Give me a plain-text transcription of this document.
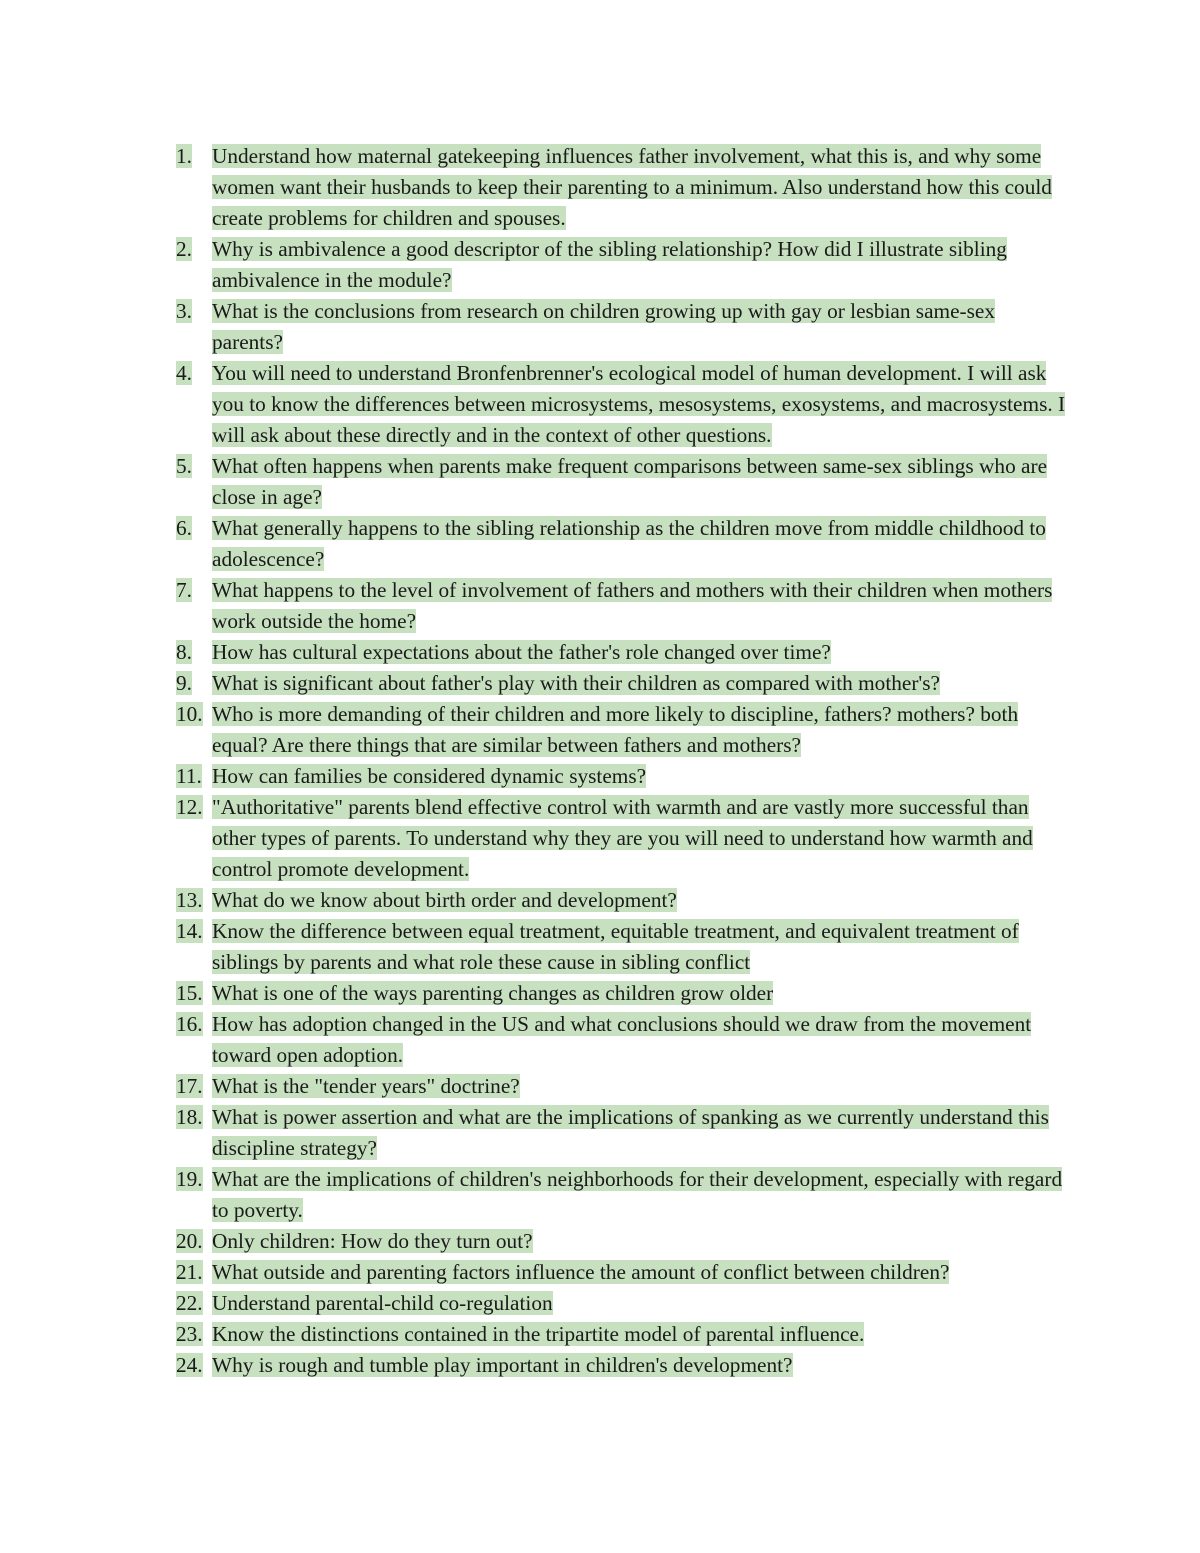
1. Understand how maternal gatekeeping influences father involvement, what this is, and why some women want their husbands to keep their parenting to a minimum. Also understand how this could create problems for children and spouses.
2. Why is ambivalence a good descriptor of the sibling relationship? How did I illustrate sibling ambivalence in the module?
3. What is the conclusions from research on children growing up with gay or lesbian same-sex parents?
4. You will need to understand Bronfenbrenner's ecological model of human development. I will ask you to know the differences between microsystems, mesosystems, exosystems, and macrosystems. I will ask about these directly and in the context of other questions.
5. What often happens when parents make frequent comparisons between same-sex siblings who are close in age?
6. What generally happens to the sibling relationship as the children move from middle childhood to adolescence?
7. What happens to the level of involvement of fathers and mothers with their children when mothers work outside the home?
8. How has cultural expectations about the father's role changed over time?
9. What is significant about father's play with their children as compared with mother's?
10. Who is more demanding of their children and more likely to discipline, fathers? mothers? both equal? Are there things that are similar between fathers and mothers?
11. How can families be considered dynamic systems?
12. "Authoritative" parents blend effective control with warmth and are vastly more successful than other types of parents. To understand why they are you will need to understand how warmth and control promote development.
13. What do we know about birth order and development?
14. Know the difference between equal treatment, equitable treatment, and equivalent treatment of siblings by parents and what role these cause in sibling conflict
15. What is one of the ways parenting changes as children grow older
16. How has adoption changed in the US and what conclusions should we draw from the movement toward open adoption.
17. What is the "tender years" doctrine?
18. What is power assertion and what are the implications of spanking as we currently understand this discipline strategy?
19. What are the implications of children's neighborhoods for their development, especially with regard to poverty.
20. Only children: How do they turn out?
21. What outside and parenting factors influence the amount of conflict between children?
22. Understand parental-child co-regulation
23. Know the distinctions contained in the tripartite model of parental influence.
24. Why is rough and tumble play important in children's development?
